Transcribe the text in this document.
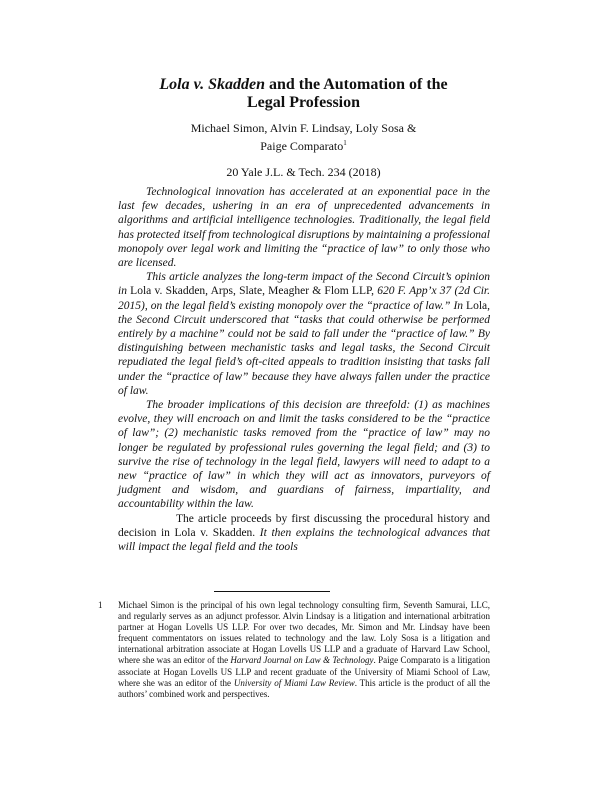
Lola v. Skadden and the Automation of the
Legal Profession
Michael Simon, Alvin F. Lindsay, Loly Sosa &
Paige Comparato$^1$
20 Yale J.L. & Tech. 234 (2018)

Technological innovation has accelerated at an exponential pace in the last few decades, ushering in an era of unprecedented advancements in algorithms and artificial intelligence technologies. Traditionally, the legal field has protected itself from technological disruptions by maintaining a professional monopoly over legal work and limiting the “practice of law” to only those who are licensed.

This article analyzes the long-term impact of the Second Circuit’s opinion in Lola v. Skadden, Arps, Slate, Meagher & Flom LLP, 620 F. App’x 37 (2d Cir. 2015), on the legal field’s existing monopoly over the “practice of law.” In Lola, the Second Circuit underscored that “tasks that could otherwise be performed entirely by a machine” could not be said to fall under the “practice of law.” By distinguishing between mechanistic tasks and legal tasks, the Second Circuit repudiated the legal field’s oft-cited appeals to tradition insisting that tasks fall under the “practice of law” because they have always fallen under the practice of law.

The broader implications of this decision are threefold: (1) as machines evolve, they will encroach on and limit the tasks considered to be the “practice of law”; (2) mechanistic tasks removed from the “practice of law” may no longer be regulated by professional rules governing the legal field; and (3) to survive the rise of technology in the legal field, lawyers will need to adapt to a new “practice of law” in which they will act as innovators, purveyors of judgment and wisdom, and guardians of fairness, impartiality, and accountability within the law.

The article proceeds by first discussing the procedural history and decision in Lola v. Skadden. It then explains the technological advances that will impact the legal field and the tools

1 Michael Simon is the principal of his own legal technology consulting firm, Seventh Samurai, LLC, and regularly serves as an adjunct professor. Alvin Lindsay is a litigation and international arbitration partner at Hogan Lovells US LLP. For over two decades, Mr. Simon and Mr. Lindsay have been frequent commentators on issues related to technology and the law. Loly Sosa is a litigation and international arbitration associate at Hogan Lovells US LLP and a graduate of Harvard Law School, where she was an editor of the Harvard Journal on Law & Technology. Paige Comparato is a litigation associate at Hogan Lovells US LLP and recent graduate of the University of Miami School of Law, where she was an editor of the University of Miami Law Review. This article is the product of all the authors’ combined work and perspectives.
